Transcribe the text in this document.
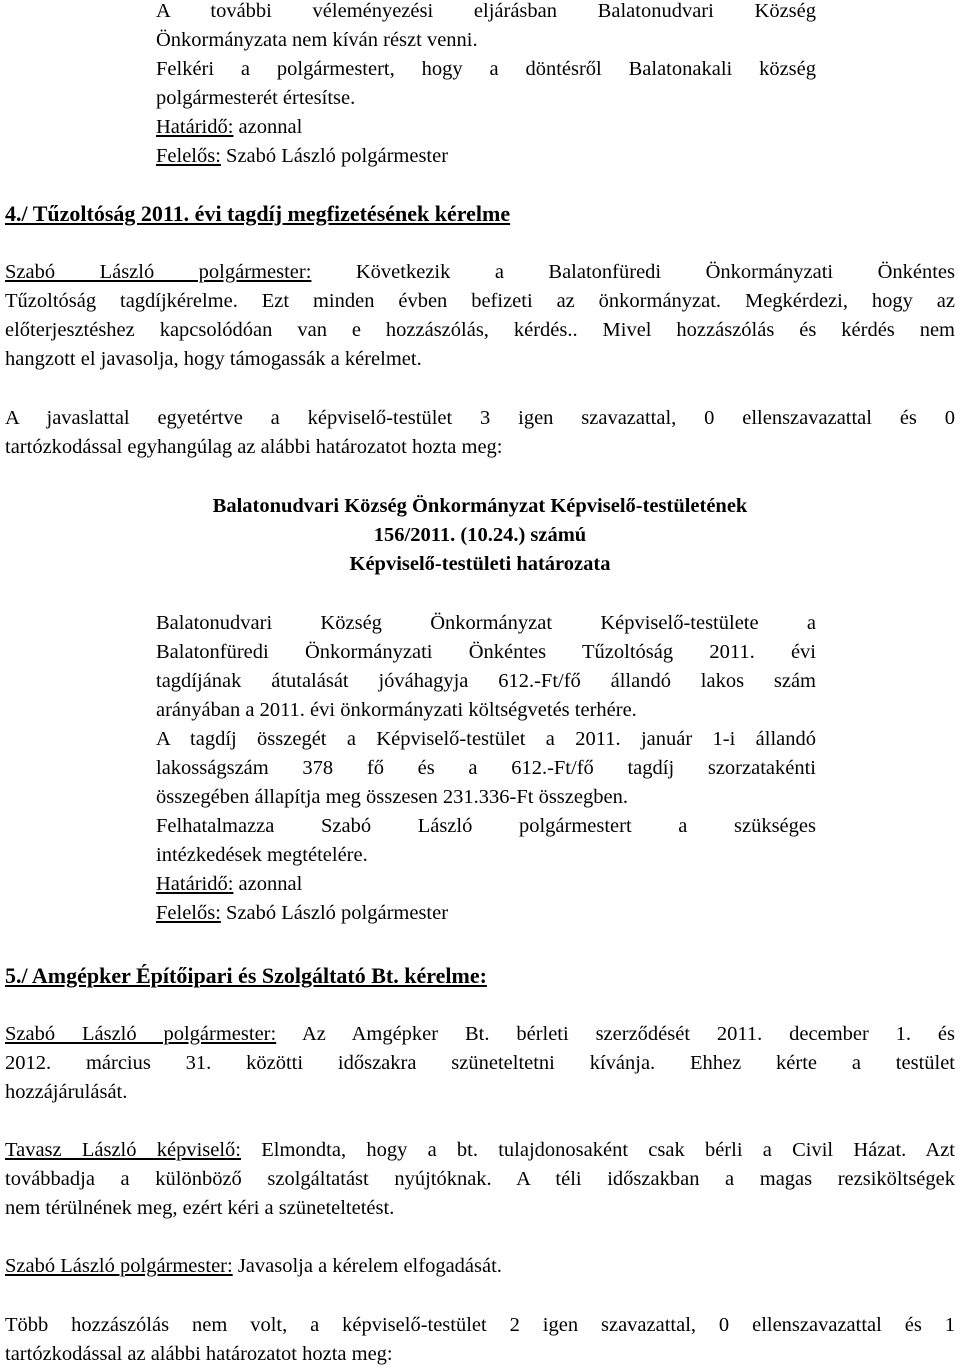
A további véleményezési eljárásban Balatonudvari Község

Önkormányzata nem kíván részt venni.

Felkéri a polgármestert, hogy a döntésről Balatonakali község

polgármesterét értesítse.

Határidő: azonnal

Felelős: Szabó László polgármester

4./ Tűzoltóság 2011. évi tagdíj megfizetésének kérelme

Szabó László polgármester: Következik a Balatonfüredi Önkormányzati Önkéntes

Tűzoltóság tagdíjkérelme. Ezt minden évben befizeti az önkormányzat. Megkérdezi, hogy az

előterjesztéshez kapcsolódóan van e hozzászólás, kérdés.. Mivel hozzászólás és kérdés nem

hangzott el javasolja, hogy támogassák a kérelmet.

A javaslattal egyetértve a képviselő-testület 3 igen szavazattal, 0 ellenszavazattal és 0

tartózkodással egyhangúlag az alábbi határozatot hozta meg:

Balatonudvari Község Önkormányzat Képviselő-testületének

156/2011. (10.24.) számú

Képviselő-testületi határozata

Balatonudvari Község Önkormányzat Képviselő-testülete a

Balatonfüredi Önkormányzati Önkéntes Tűzoltóság 2011. évi

tagdíjának átutalását jóváhagyja 612.-Ft/fő állandó lakos szám

arányában a 2011. évi önkormányzati költségvetés terhére.

A tagdíj összegét a Képviselő-testület a 2011. január 1-i állandó

lakosságszám 378 fő és a 612.-Ft/fő tagdíj szorzatakénti

összegében állapítja meg összesen 231.336-Ft összegben.

Felhatalmazza Szabó László polgármestert a szükséges

intézkedések megtételére.

Határidő: azonnal

Felelős: Szabó László polgármester

5./ Amgépker Építőipari és Szolgáltató Bt. kérelme:

Szabó László polgármester: Az Amgépker Bt. bérleti szerződését 2011. december 1. és

2012. március 31. közötti időszakra szüneteltetni kívánja. Ehhez kérte a testület

hozzájárulását.

Tavasz László képviselő: Elmondta, hogy a bt. tulajdonosaként csak bérli a Civil Házat. Azt

továbbadja a különböző szolgáltatást nyújtóknak. A téli időszakban a magas rezsiköltségek

nem térülnének meg, ezért kéri a szüneteltetést.

Szabó László polgármester: Javasolja a kérelem elfogadását.

Több hozzászólás nem volt, a képviselő-testület 2 igen szavazattal, 0 ellenszavazattal és 1

tartózkodással az alábbi határozatot hozta meg:
